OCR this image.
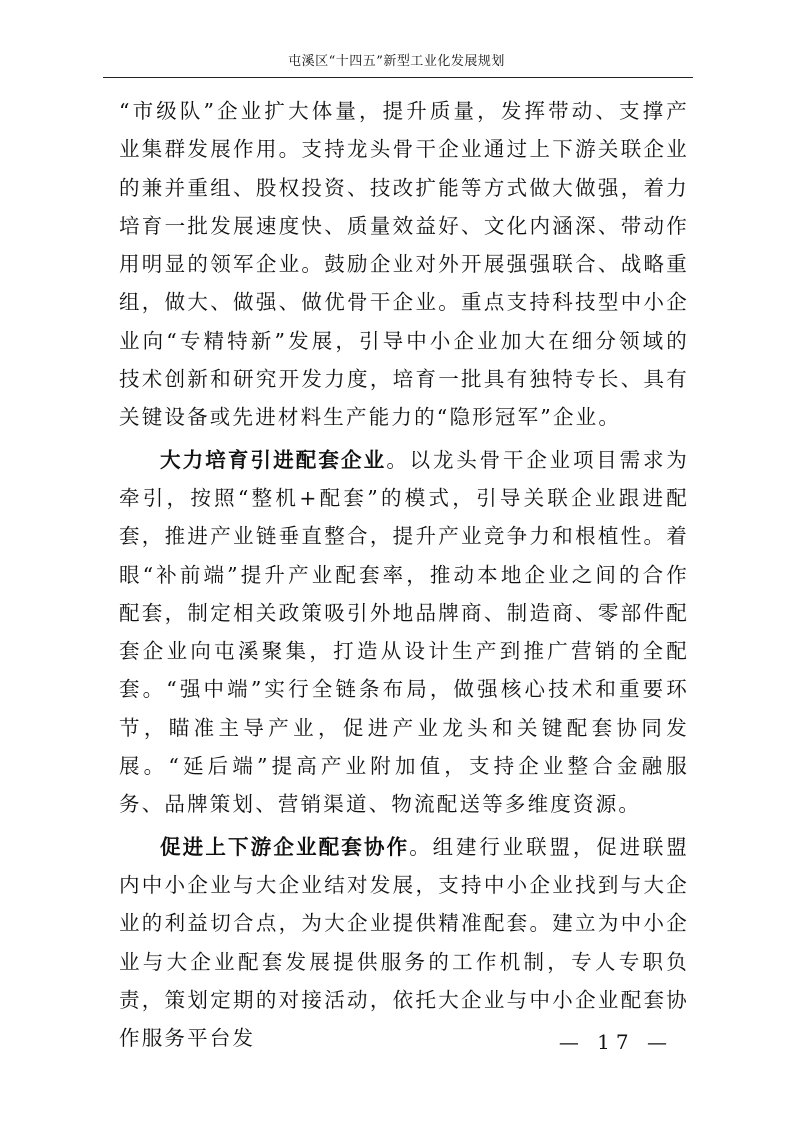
屯溪区“十四五”新型工业化发展规划

“市级队”企业扩大体量，提升质量，发挥带动、支撑产业集群发展作用。支持龙头骨干企业通过上下游关联企业的兼并重组、股权投资、技改扩能等方式做大做强，着力培育一批发展速度快、质量效益好、文化内涵深、带动作用明显的领军企业。鼓励企业对外开展强强联合、战略重组，做大、做强、做优骨干企业。重点支持科技型中小企业向“专精特新”发展，引导中小企业加大在细分领域的技术创新和研究开发力度，培育一批具有独特专长、具有关键设备或先进材料生产能力的“隐形冠军”企业。

大力培育引进配套企业。以龙头骨干企业项目需求为牵引，按照“整机+配套”的模式，引导关联企业跟进配套，推进产业链垂直整合，提升产业竞争力和根植性。着眼“补前端”提升产业配套率，推动本地企业之间的合作配套，制定相关政策吸引外地品牌商、制造商、零部件配套企业向屯溪聚集，打造从设计生产到推广营销的全配套。“强中端”实行全链条布局，做强核心技术和重要环节，瞄准主导产业，促进产业龙头和关键配套协同发展。“延后端”提高产业附加值，支持企业整合金融服务、品牌策划、营销渠道、物流配送等多维度资源。

促进上下游企业配套协作。组建行业联盟，促进联盟内中小企业与大企业结对发展，支持中小企业找到与大企业的利益切合点，为大企业提供精准配套。建立为中小企业与大企业配套发展提供服务的工作机制，专人专职负责，策划定期的对接活动，依托大企业与中小企业配套协作服务平台发	— 17 —
